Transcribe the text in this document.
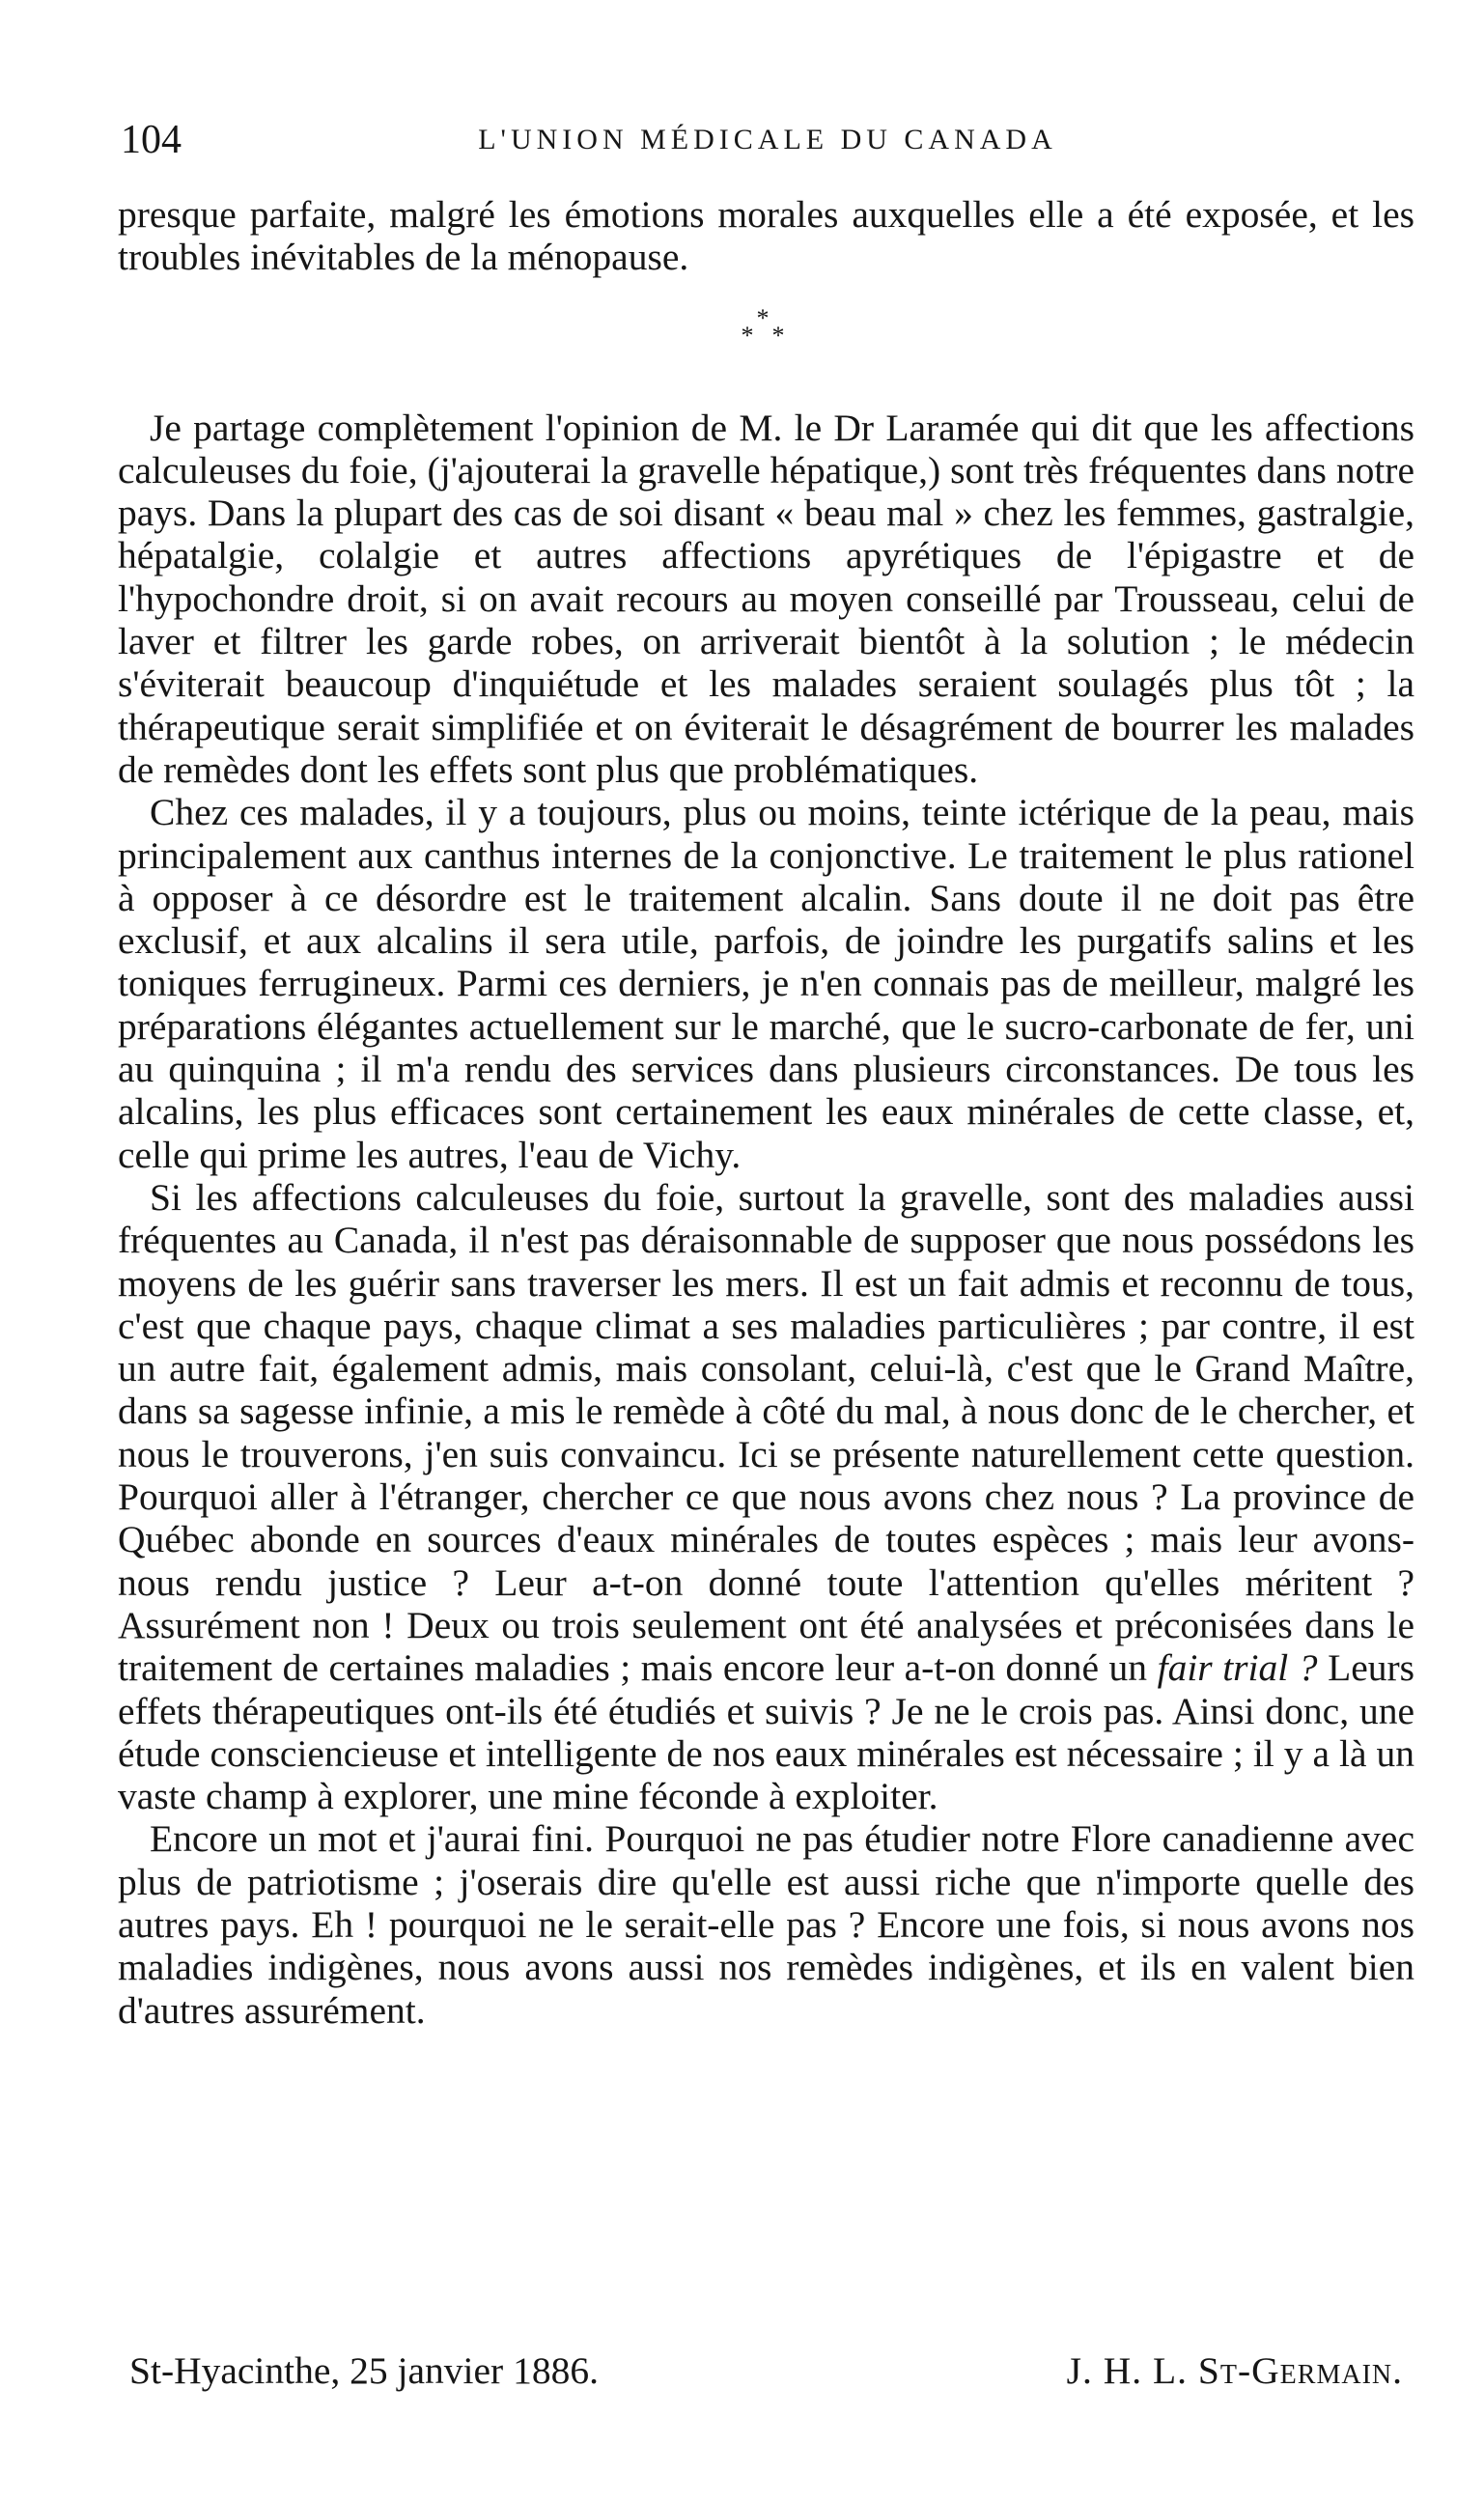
104	L'UNION MÉDICALE DU CANADA

presque parfaite, malgré les émotions morales auxquelles elle a été exposée, et les troubles inévitables de la ménopause.

*
* *

Je partage complètement l'opinion de M. le Dr Laramée qui dit que les affections calculeuses du foie, (j'ajouterai la gravelle hépatique,) sont très fréquentes dans notre pays. Dans la plupart des cas de soi disant « beau mal » chez les femmes, gastralgie, hépatalgie, colalgie et autres affections apyrétiques de l'épigastre et de l'hypochondre droit, si on avait recours au moyen conseillé par Trousseau, celui de laver et filtrer les garde robes, on arriverait bientôt à la solution ; le médecin s'éviterait beaucoup d'inquiétude et les malades seraient soulagés plus tôt ; la thérapeutique serait simplifiée et on éviterait le désagrément de bourrer les malades de remèdes dont les effets sont plus que problématiques.

Chez ces malades, il y a toujours, plus ou moins, teinte ictérique de la peau, mais principalement aux canthus internes de la conjonctive. Le traitement le plus rationel à opposer à ce désordre est le traitement alcalin. Sans doute il ne doit pas être exclusif, et aux alcalins il sera utile, parfois, de joindre les purgatifs salins et les toniques ferrugineux. Parmi ces derniers, je n'en connais pas de meilleur, malgré les préparations élégantes actuellement sur le marché, que le sucro-carbonate de fer, uni au quinquina ; il m'a rendu des services dans plusieurs circonstances. De tous les alcalins, les plus efficaces sont certainement les eaux minérales de cette classe, et, celle qui prime les autres, l'eau de Vichy.

Si les affections calculeuses du foie, surtout la gravelle, sont des maladies aussi fréquentes au Canada, il n'est pas déraisonnable de supposer que nous possédons les moyens de les guérir sans traverser les mers. Il est un fait admis et reconnu de tous, c'est que chaque pays, chaque climat a ses maladies particulières ; par contre, il est un autre fait, également admis, mais consolant, celui-là, c'est que le Grand Maître, dans sa sagesse infinie, a mis le remède à côté du mal, à nous donc de le chercher, et nous le trouverons, j'en suis convaincu. Ici se présente naturellement cette question. Pourquoi aller à l'étranger, chercher ce que nous avons chez nous ? La province de Québec abonde en sources d'eaux minérales de toutes espèces ; mais leur avons-nous rendu justice ? Leur a-t-on donné toute l'attention qu'elles méritent ? Assurément non ! Deux ou trois seulement ont été analysées et préconisées dans le traitement de certaines maladies ; mais encore leur a-t-on donné un fair trial ? Leurs effets thérapeutiques ont-ils été étudiés et suivis ? Je ne le crois pas. Ainsi donc, une étude consciencieuse et intelligente de nos eaux minérales est nécessaire ; il y a là un vaste champ à explorer, une mine féconde à exploiter.

Encore un mot et j'aurai fini. Pourquoi ne pas étudier notre Flore canadienne avec plus de patriotisme ; j'oserais dire qu'elle est aussi riche que n'importe quelle des autres pays. Eh ! pourquoi ne le serait-elle pas ? Encore une fois, si nous avons nos maladies indigènes, nous avons aussi nos remèdes indigènes, et ils en valent bien d'autres assurément.

St-Hyacinthe, 25 janvier 1886.	J. H. L. St-Germain.
